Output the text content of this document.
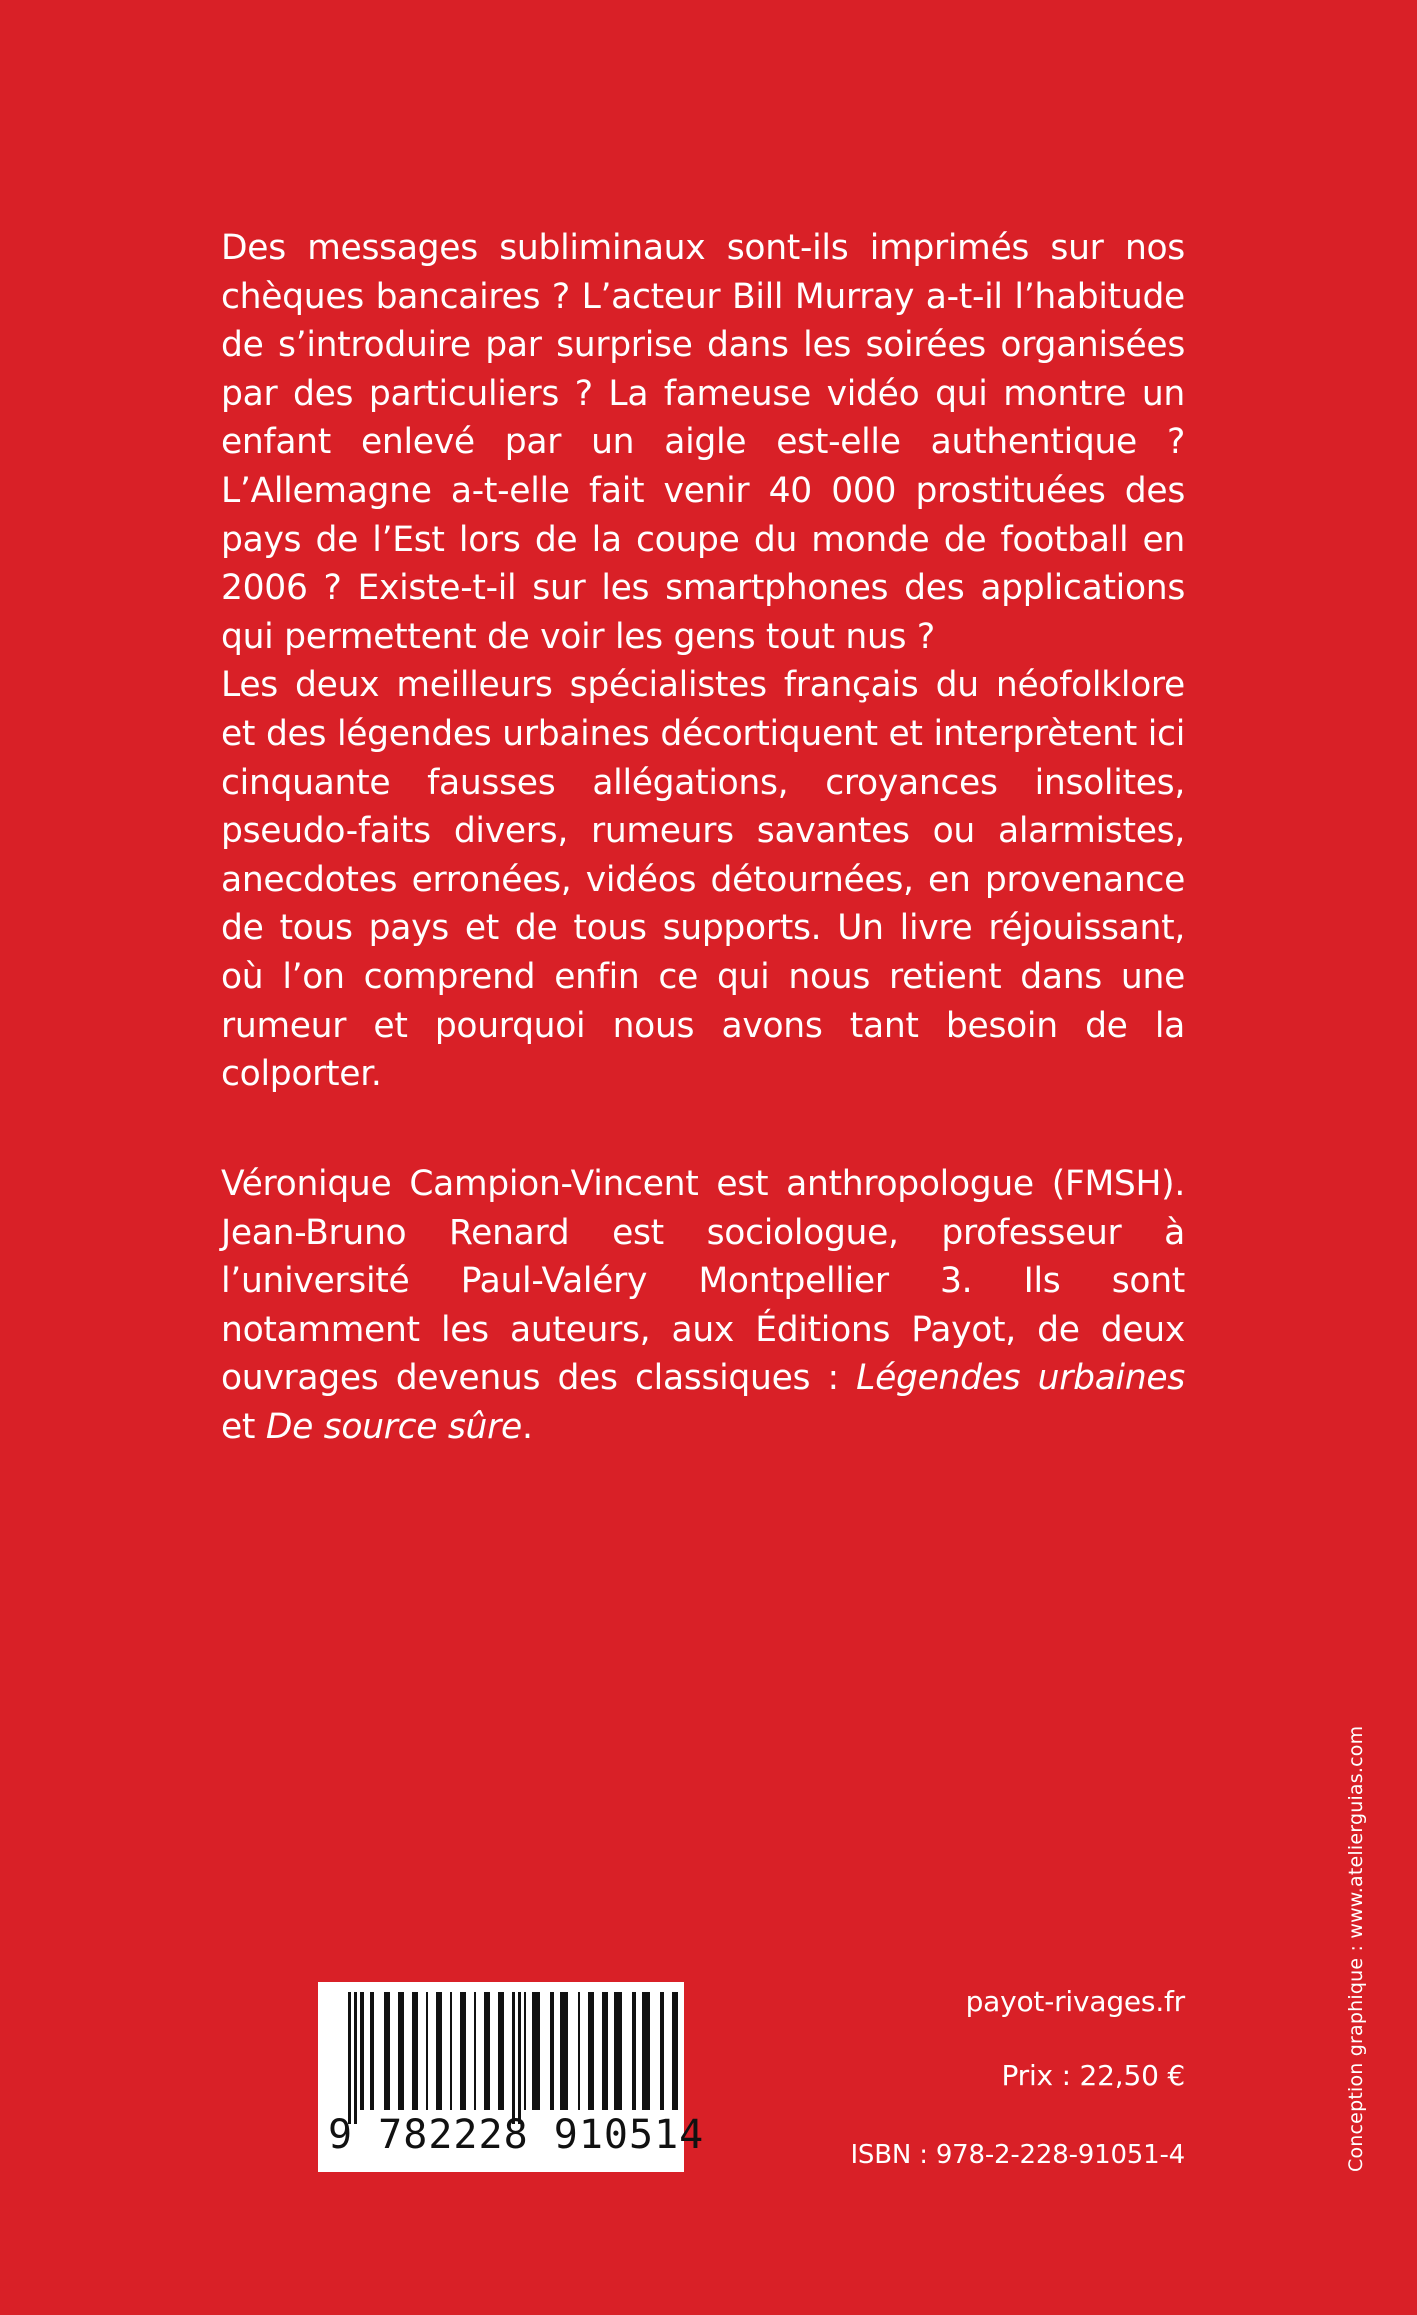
Des messages subliminaux sont-ils imprimés sur nos chèques bancaires ? L’acteur Bill Murray a-t-il l’habitude de s’introduire par surprise dans les soirées organisées par des particuliers ? La fameuse vidéo qui montre un enfant enlevé par un aigle est-elle authentique ? L’Allemagne a-t-elle fait venir 40 000 prostituées des pays de l’Est lors de la coupe du monde de football en 2006 ? Existe-t-il sur les smartphones des applications qui permettent de voir les gens tout nus ?

Les deux meilleurs spécialistes français du néofolklore et des légendes urbaines décortiquent et interprètent ici cinquante fausses allégations, croyances insolites, pseudo-faits divers, rumeurs savantes ou alarmistes, anecdotes erronées, vidéos détournées, en provenance de tous pays et de tous supports. Un livre réjouissant, où l’on comprend enfin ce qui nous retient dans une rumeur et pourquoi nous avons tant besoin de la colporter.

Véronique Campion-Vincent est anthropologue (FMSH). Jean-Bruno Renard est sociologue, professeur à l’université Paul-Valéry Montpellier 3. Ils sont notamment les auteurs, aux Éditions Payot, de deux ouvrages devenus des classiques : Légendes urbaines et De source sûre.
9 782228 910514
payot-rivages.fr
Prix : 22,50 €
ISBN : 978-2-228-91051-4	Conception graphique : www.atelierguias.com
